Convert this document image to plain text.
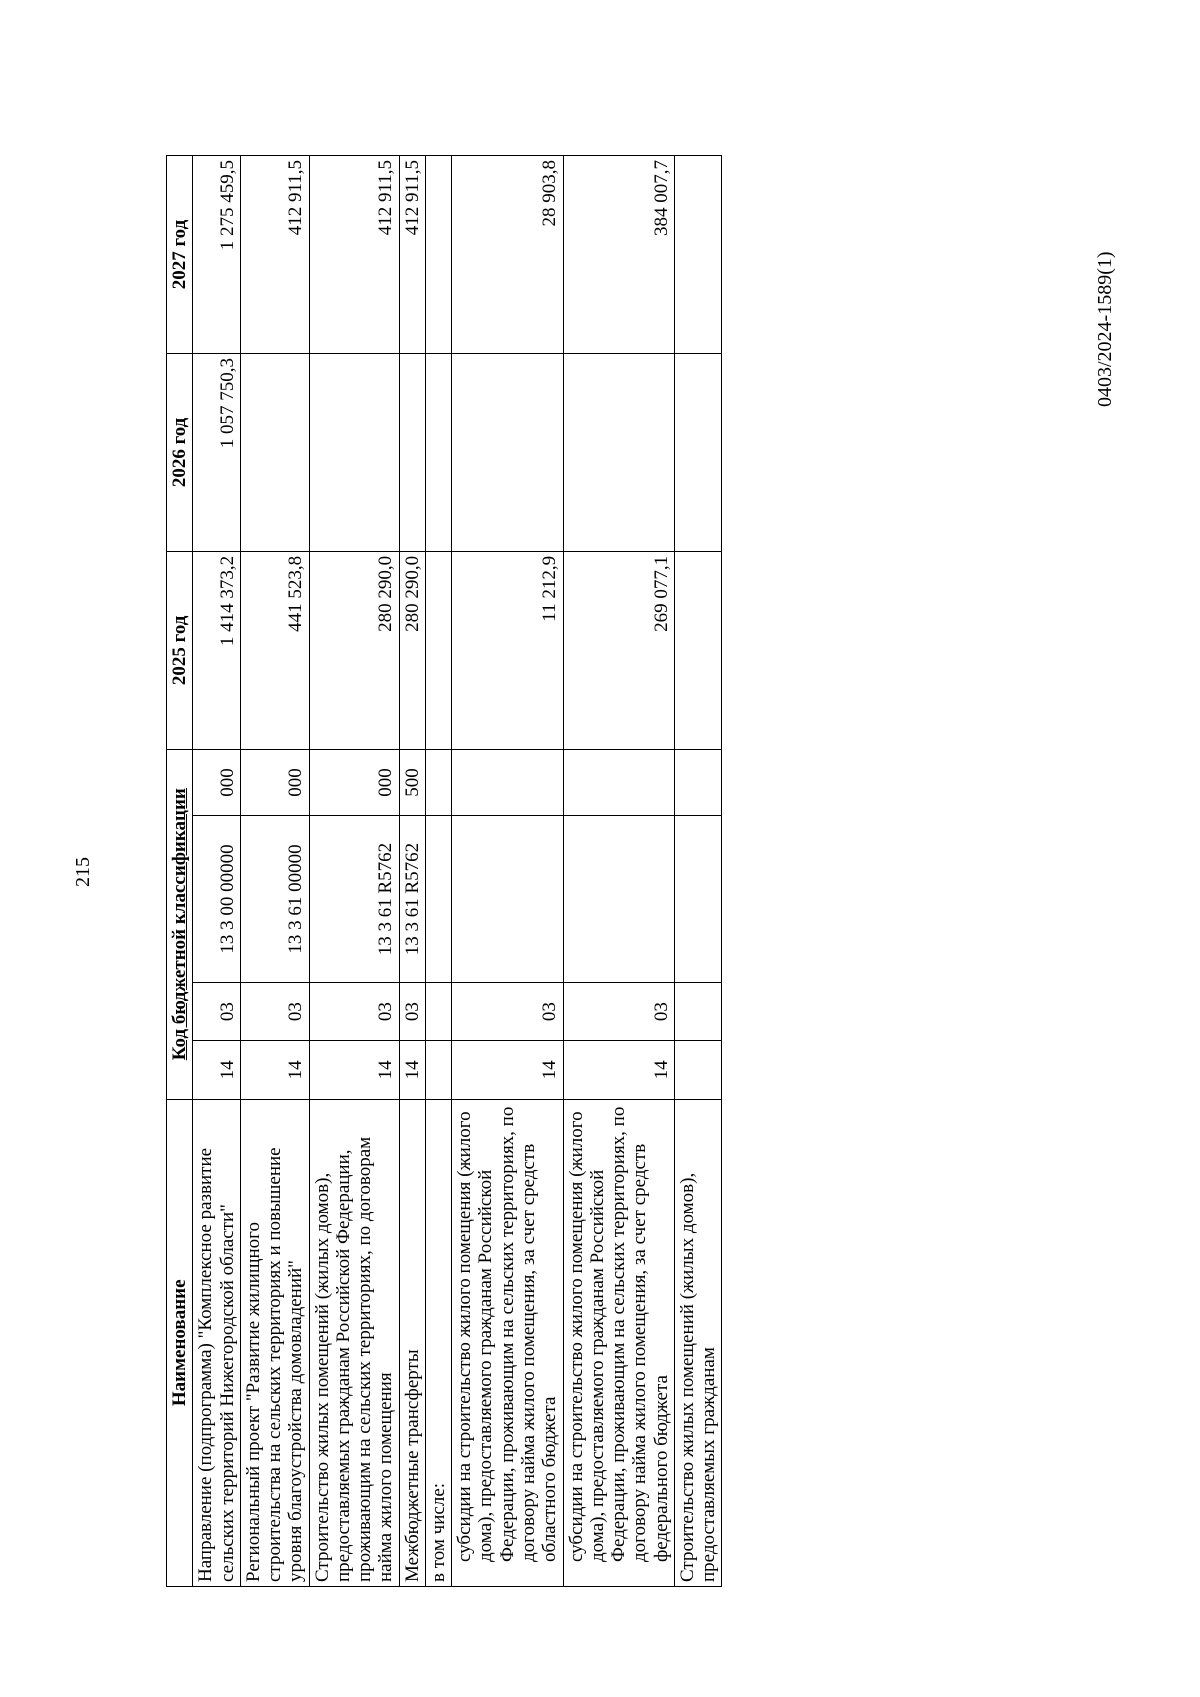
215
Наименование	Код бюджетной классификации				2025 год	2026 год	2027 год
Направление (подпрограмма) "Комплексное развитие сельских территорий Нижегородской области"	14	03	13 3 00 00000	000	1 414 373,2	1 057 750,3	1 275 459,5
Региональный проект "Развитие жилищного строительства на сельских территориях и повышение уровня благоустройства домовладений"	14	03	13 3 61 00000	000	441 523,8		412 911,5
Строительство жилых помещений (жилых домов), предоставляемых гражданам Российской Федерации, проживающим на сельских территориях, по договорам найма жилого помещения	14	03	13 3 61 R5762	000	280 290,0		412 911,5
Межбюджетные трансферты	14	03	13 3 61 R5762	500	280 290,0		412 911,5
в том числе:							
субсидии на строительство жилого помещения (жилого дома), предоставляемого гражданам Российской Федерации, проживающим на сельских территориях, по договору найма жилого помещения, за счет средств областного бюджета	14	03			11 212,9		28 903,8
субсидии на строительство жилого помещения (жилого дома), предоставляемого гражданам Российской Федерации, проживающим на сельских территориях, по договору найма жилого помещения, за счет средств федерального бюджета	14	03			269 077,1		384 007,7
Строительство жилых помещений (жилых домов), предоставляемых гражданам							
0403/2024-1589(1)
